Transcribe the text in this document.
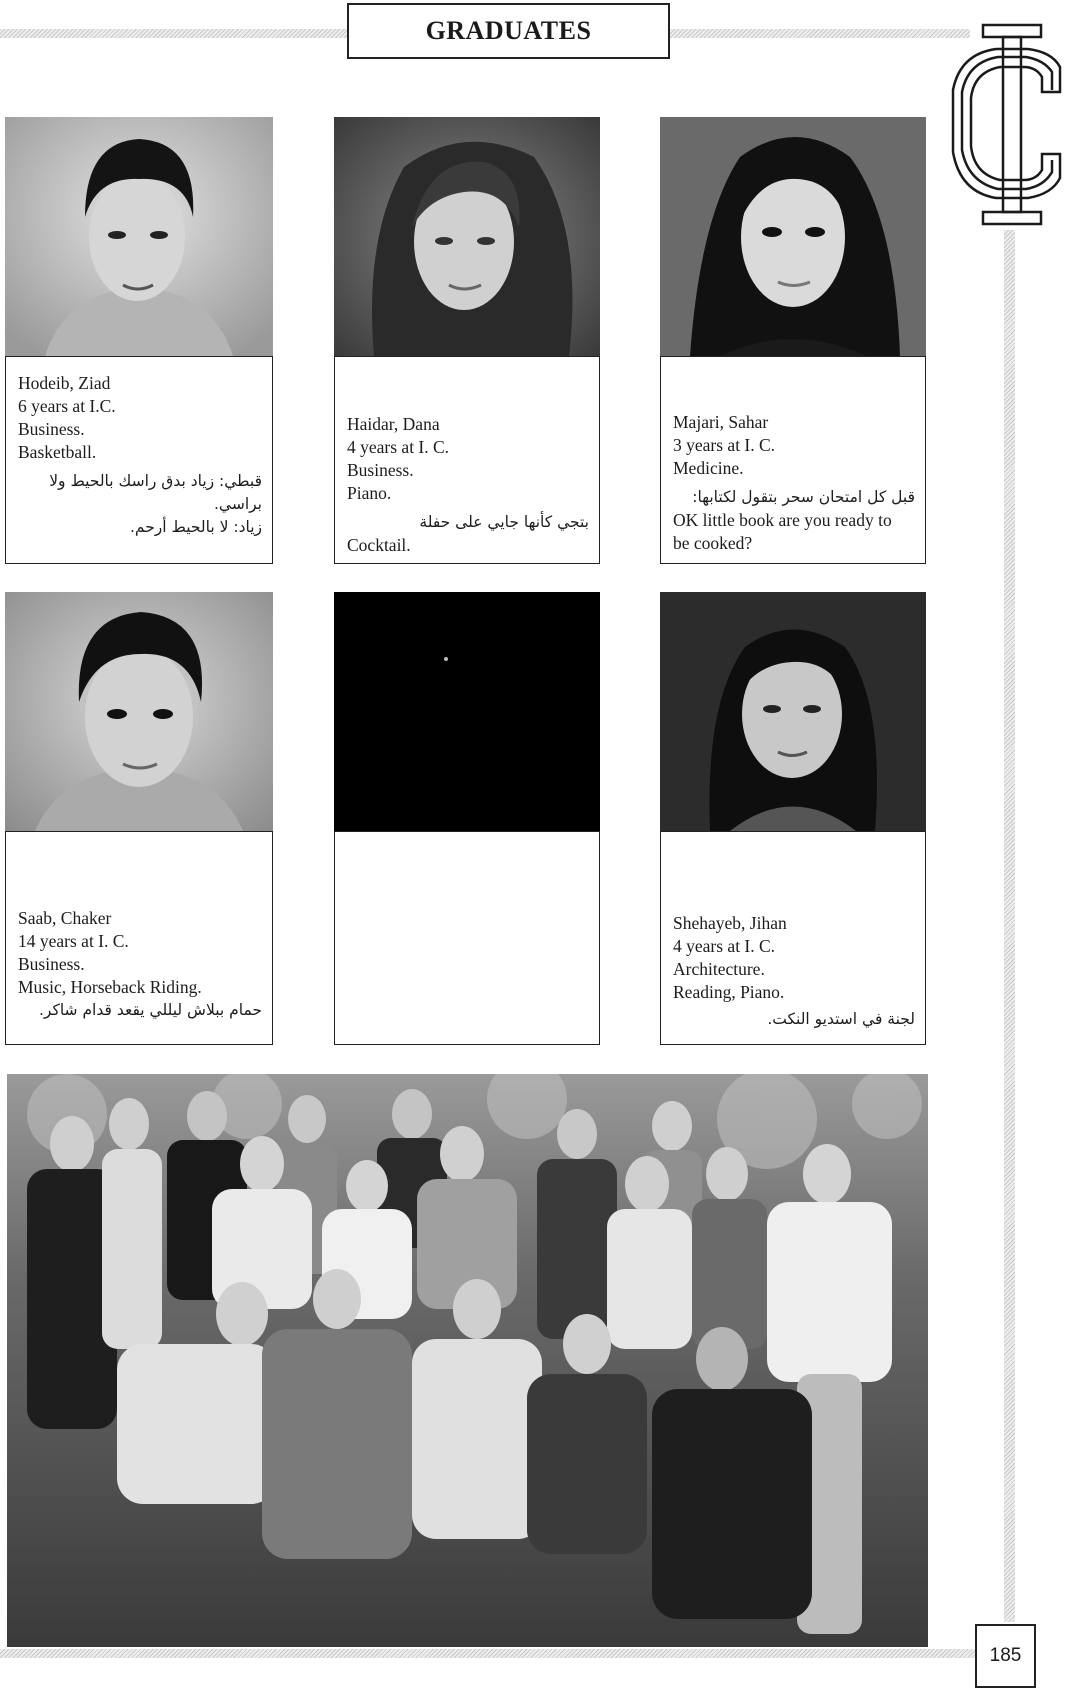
GRADUATES
Hodeib, Ziad
6 years at I.C.
Business.
Basketball.
قبطي: زياد بدق راسك بالحيط ولا
براسي.
زياد: لا بالحيط أرحم.
Haidar, Dana
4 years at I. C.
Business.
Piano.
بتجي كأنها جايي على حفلة
Cocktail.
Majari, Sahar
3 years at I. C.
Medicine.
قبل كل امتحان سحر بتقول لكتابها:
OK little book are you ready to
be cooked?
Saab, Chaker
14 years at I. C.
Business.
Music, Horseback Riding.
حمام ببلاش ليللي يقعد قدام شاكر.
Shehayeb, Jihan
4 years at I. C.
Architecture.
Reading, Piano.
لجنة في استديو النكت.
185
